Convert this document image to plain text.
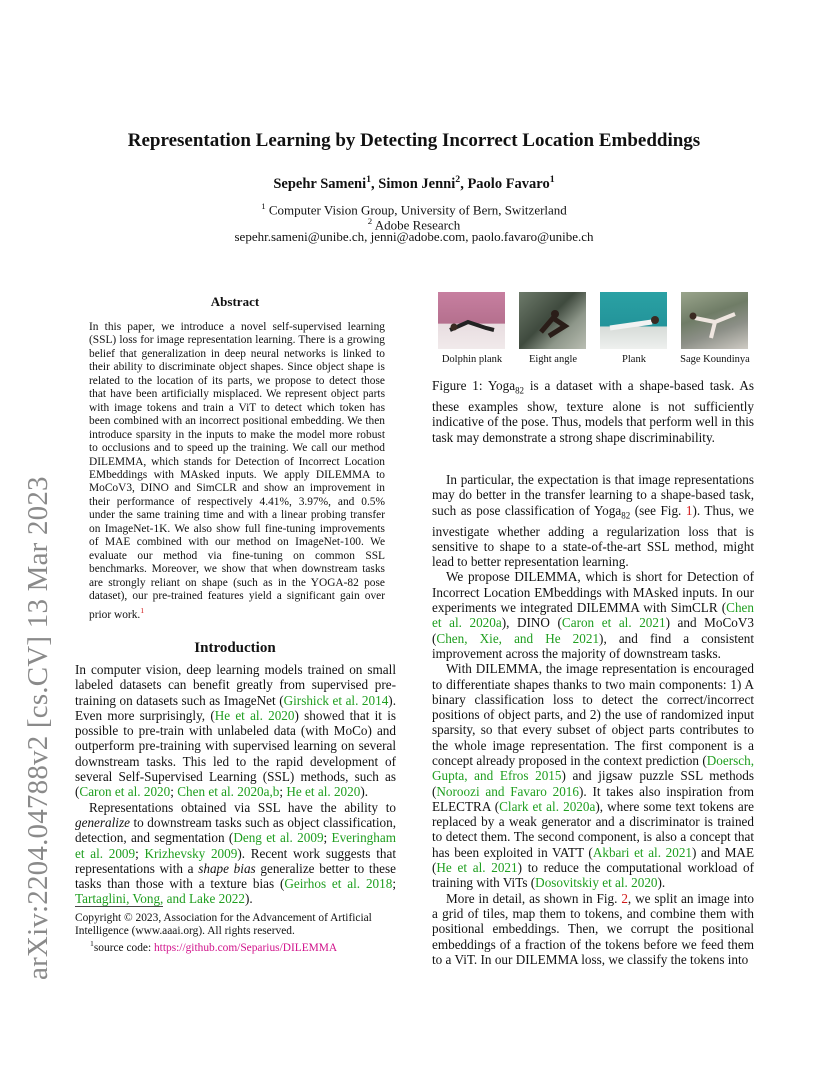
arXiv:2204.04788v2 [cs.CV] 13 Mar 2023
Representation Learning by Detecting Incorrect Location Embeddings
Sepehr Sameni$^1$, Simon Jenni$^2$, Paolo Favaro$^1$
$^1$ Computer Vision Group, University of Bern, Switzerland
$^2$ Adobe Research
sepehr.sameni@unibe.ch, jenni@adobe.com, paolo.favaro@unibe.ch
Abstract
In this paper, we introduce a novel self-supervised learning (SSL) loss for image representation learning. There is a growing belief that generalization in deep neural networks is linked to their ability to discriminate object shapes. Since object shape is related to the location of its parts, we propose to detect those that have been artificially misplaced. We represent object parts with image tokens and train a ViT to detect which token has been combined with an incorrect positional embedding. We then introduce sparsity in the inputs to make the model more robust to occlusions and to speed up the training. We call our method DILEMMA, which stands for Detection of Incorrect Location EMbeddings with MAsked inputs. We apply DILEMMA to MoCoV3, DINO and SimCLR and show an improvement in their performance of respectively 4.41%, 3.97%, and 0.5% under the same training time and with a linear probing transfer on ImageNet-1K. We also show full fine-tuning improvements of MAE combined with our method on ImageNet-100. We evaluate our method via fine-tuning on common SSL benchmarks. Moreover, we show that when downstream tasks are strongly reliant on shape (such as in the YOGA-82 pose dataset), our pre-trained features yield a significant gain over prior work.$^1$
Introduction

In computer vision, deep learning models trained on small labeled datasets can benefit greatly from supervised pre-training on datasets such as ImageNet (Girshick et al. 2014). Even more surprisingly, (He et al. 2020) showed that it is possible to pre-train with unlabeled data (with MoCo) and outperform pre-training with supervised learning on several downstream tasks. This led to the rapid development of several Self-Supervised Learning (SSL) methods, such as (Caron et al. 2020; Chen et al. 2020a,b; He et al. 2020).

Representations obtained via SSL have the ability to generalize to downstream tasks such as object classification, detection, and segmentation (Deng et al. 2009; Everingham et al. 2009; Krizhevsky 2009). Recent work suggests that representations with a shape bias generalize better to these tasks than those with a texture bias (Geirhos et al. 2018; Tartaglini, Vong, and Lake 2022).

Copyright © 2023, Association for the Advancement of Artificial Intelligence (www.aaai.org). All rights reserved.
$^1$source code: https://github.com/Separius/DILEMMA
Dolphin plank	Eight angle	Plank	Sage Koundinya
Figure 1: Yoga$_{82}$ is a dataset with a shape-based task. As these examples show, texture alone is not sufficiently indicative of the pose. Thus, models that perform well in this task may demonstrate a strong shape discriminability.

In particular, the expectation is that image representations may do better in the transfer learning to a shape-based task, such as pose classification of Yoga$_{82}$ (see Fig. 1). Thus, we investigate whether adding a regularization loss that is sensitive to shape to a state-of-the-art SSL method, might lead to better representation learning.

We propose DILEMMA, which is short for Detection of Incorrect Location EMbeddings with MAsked inputs. In our experiments we integrated DILEMMA with SimCLR (Chen et al. 2020a), DINO (Caron et al. 2021) and MoCoV3 (Chen, Xie, and He 2021), and find a consistent improvement across the majority of downstream tasks.

With DILEMMA, the image representation is encouraged to differentiate shapes thanks to two main components: 1) A binary classification loss to detect the correct/incorrect positions of object parts, and 2) the use of randomized input sparsity, so that every subset of object parts contributes to the whole image representation. The first component is a concept already proposed in the context prediction (Doersch, Gupta, and Efros 2015) and jigsaw puzzle SSL methods (Noroozi and Favaro 2016). It takes also inspiration from ELECTRA (Clark et al. 2020a), where some text tokens are replaced by a weak generator and a discriminator is trained to detect them. The second component, is also a concept that has been exploited in VATT (Akbari et al. 2021) and MAE (He et al. 2021) to reduce the computational workload of training with ViTs (Dosovitskiy et al. 2020).

More in detail, as shown in Fig. 2, we split an image into a grid of tiles, map them to tokens, and combine them with positional embeddings. Then, we corrupt the positional embeddings of a fraction of the tokens before we feed them to a ViT. In our DILEMMA loss, we classify the tokens into
